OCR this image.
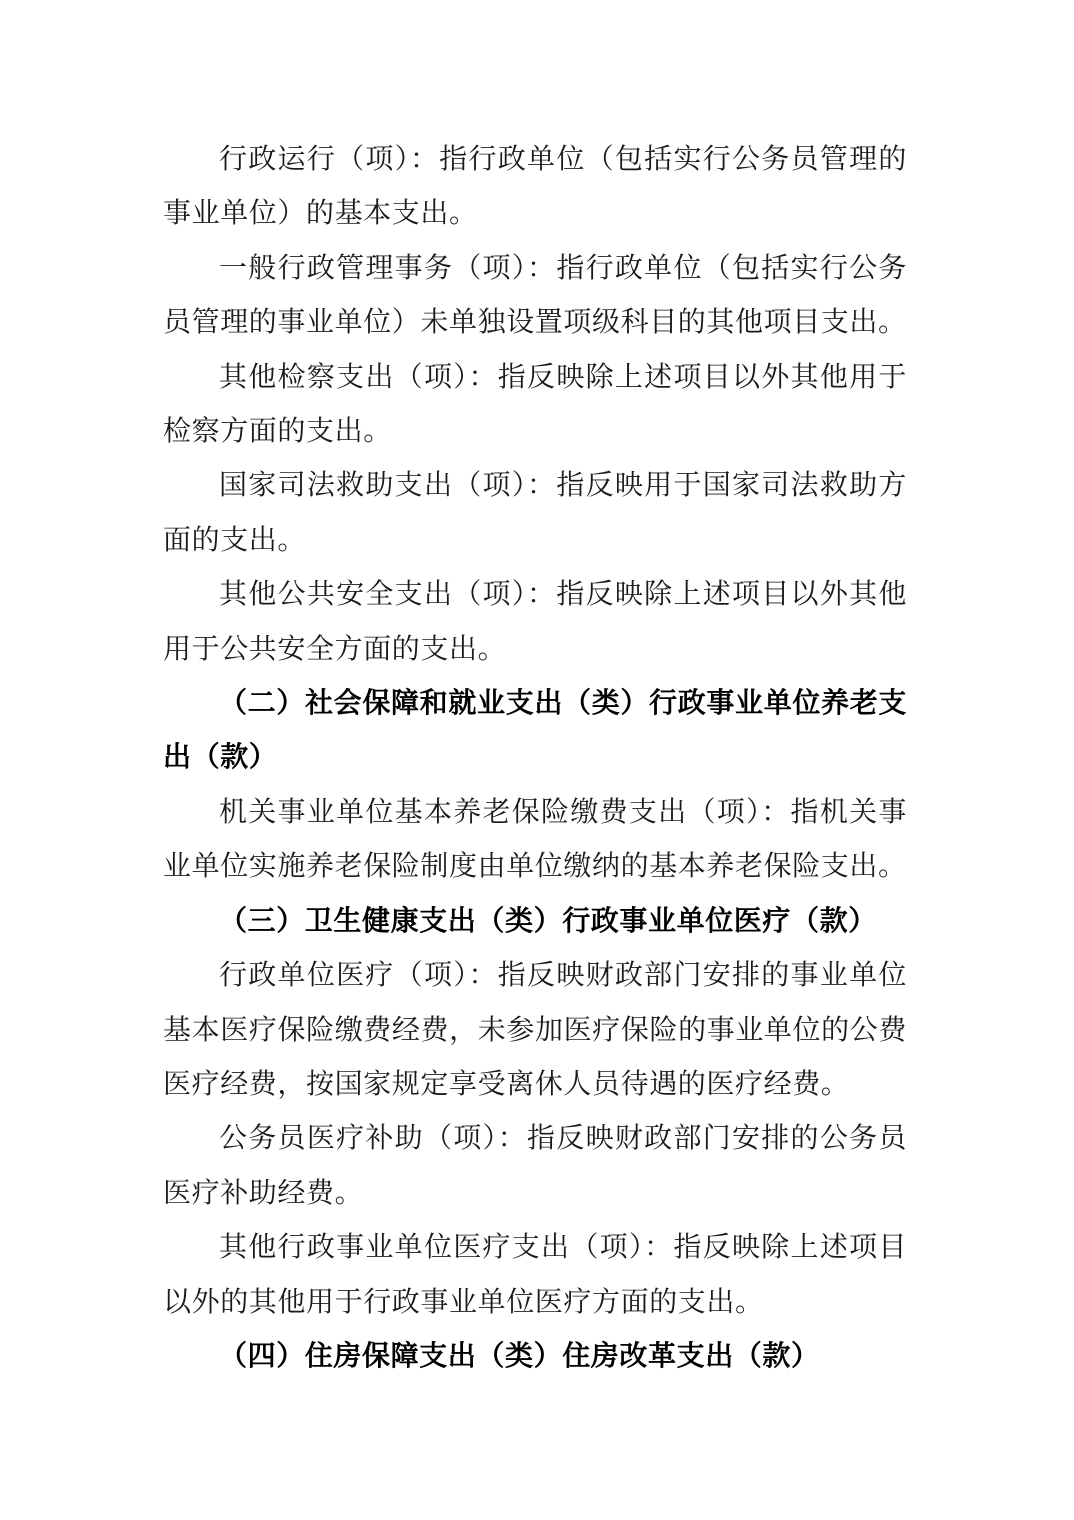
行政运行（项）：指行政单位（包括实行公务员管理的事业单位）的基本支出。

一般行政管理事务（项）：指行政单位（包括实行公务员管理的事业单位）未单独设置项级科目的其他项目支出。

其他检察支出（项）：指反映除上述项目以外其他用于检察方面的支出。

国家司法救助支出（项）：指反映用于国家司法救助方面的支出。

其他公共安全支出（项）：指反映除上述项目以外其他用于公共安全方面的支出。

（二）社会保障和就业支出（类）行政事业单位养老支出（款）

机关事业单位基本养老保险缴费支出（项）：指机关事业单位实施养老保险制度由单位缴纳的基本养老保险支出。

（三）卫生健康支出（类）行政事业单位医疗（款）

行政单位医疗（项）：指反映财政部门安排的事业单位基本医疗保险缴费经费，未参加医疗保险的事业单位的公费医疗经费，按国家规定享受离休人员待遇的医疗经费。

公务员医疗补助（项）：指反映财政部门安排的公务员医疗补助经费。

其他行政事业单位医疗支出（项）：指反映除上述项目以外的其他用于行政事业单位医疗方面的支出。

（四）住房保障支出（类）住房改革支出（款）
